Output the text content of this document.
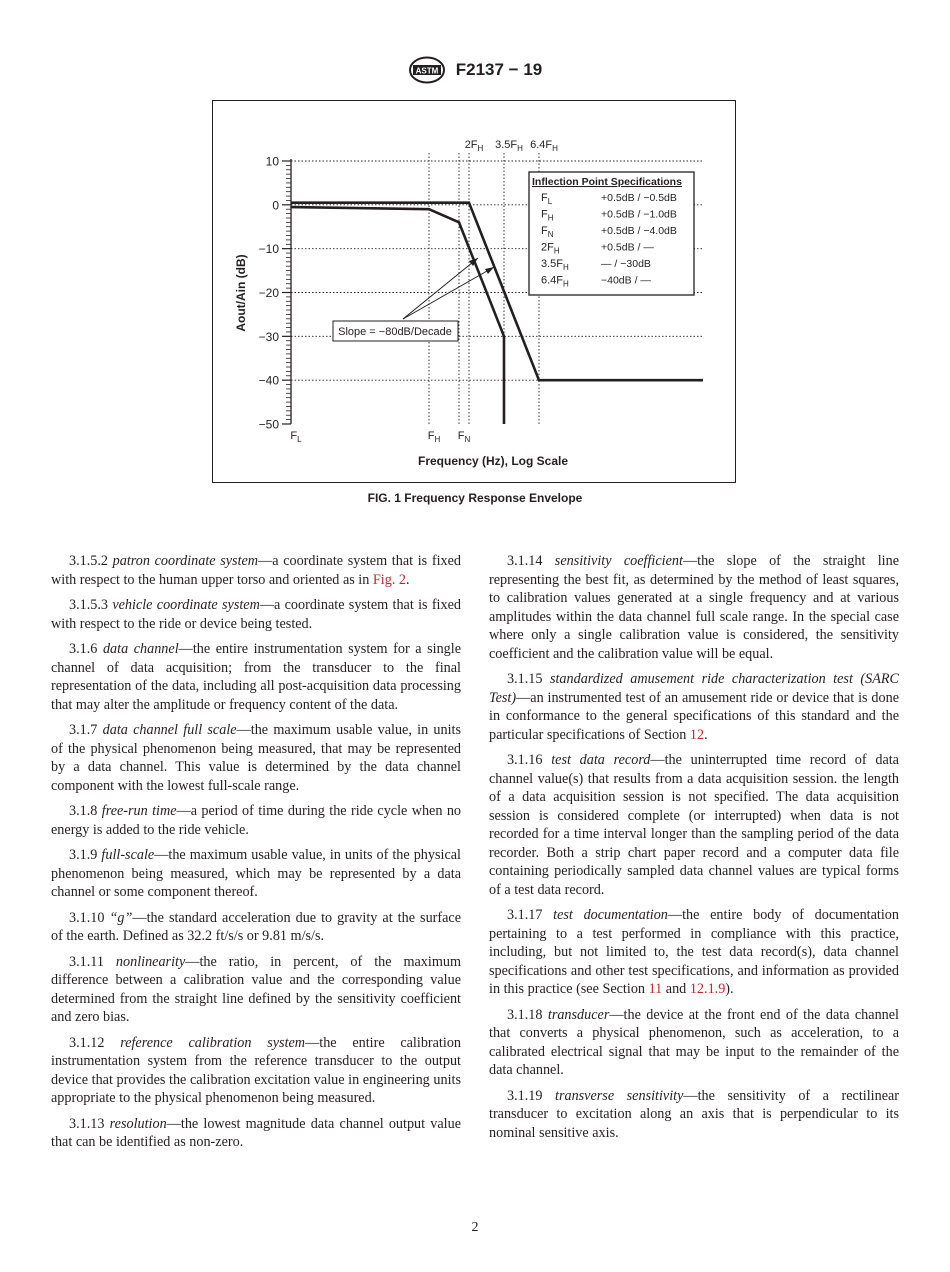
ASTM F2137 − 19
10
0
−10
−20
−30
−40
−50
$F_L$	$F_H$ $F_N$
$2F_H$ $3.5F_H$ $6.4F_H$
Frequency (Hz), Log Scale
Aout/Ain (dB)
Slope = −80dB/Decade
Inflection Point Specifications
$F_L$	+0.5dB / −0.5dB
$F_H$	+0.5dB / −1.0dB
$F_N$	+0.5dB / −4.0dB
$2F_H$	+0.5dB / —
$3.5F_H$	— / −30dB
$6.4F_H$	−40dB / —
FIG. 1 Frequency Response Envelope

3.1.5.2 patron coordinate system—a coordinate system that is fixed with respect to the human upper torso and oriented as in Fig. 2.

3.1.5.3 vehicle coordinate system—a coordinate system that is fixed with respect to the ride or device being tested.

3.1.6 data channel—the entire instrumentation system for a single channel of data acquisition; from the transducer to the final representation of the data, including all post-acquisition data processing that may alter the amplitude or frequency content of the data.

3.1.7 data channel full scale—the maximum usable value, in units of the physical phenomenon being measured, that may be represented by a data channel. This value is determined by the data channel component with the lowest full-scale range.

3.1.8 free-run time—a period of time during the ride cycle when no energy is added to the ride vehicle.

3.1.9 full-scale—the maximum usable value, in units of the physical phenomenon being measured, which may be represented by a data channel or some component thereof.

3.1.10 “g”—the standard acceleration due to gravity at the surface of the earth. Defined as 32.2 ft/s/s or 9.81 m/s/s.

3.1.11 nonlinearity—the ratio, in percent, of the maximum difference between a calibration value and the corresponding value determined from the straight line defined by the sensitivity coefficient and zero bias.

3.1.12 reference calibration system—the entire calibration instrumentation system from the reference transducer to the output device that provides the calibration excitation value in engineering units appropriate to the physical phenomenon being measured.

3.1.13 resolution—the lowest magnitude data channel output value that can be identified as non-zero.

3.1.14 sensitivity coefficient—the slope of the straight line representing the best fit, as determined by the method of least squares, to calibration values generated at a single frequency and at various amplitudes within the data channel full scale range. In the special case where only a single calibration value is considered, the sensitivity coefficient and the calibration value will be equal.

3.1.15 standardized amusement ride characterization test (SARC Test)—an instrumented test of an amusement ride or device that is done in conformance to the general specifications of this standard and the particular specifications of Section 12.

3.1.16 test data record—the uninterrupted time record of data channel value(s) that results from a data acquisition session. the length of a data acquisition session is not specified. The data acquisition session is considered complete (or interrupted) when data is not recorded for a time interval longer than the sampling period of the data recorder. Both a strip chart paper record and a computer data file containing periodically sampled data channel values are typical forms of a test data record.

3.1.17 test documentation—the entire body of documentation pertaining to a test performed in compliance with this practice, including, but not limited to, the test data record(s), data channel specifications and other test specifications, and information as provided in this practice (see Section 11 and 12.1.9).

3.1.18 transducer—the device at the front end of the data channel that converts a physical phenomenon, such as acceleration, to a calibrated electrical signal that may be input to the remainder of the data channel.

3.1.19 transverse sensitivity—the sensitivity of a rectilinear transducer to excitation along an axis that is perpendicular to its nominal sensitive axis.

2
